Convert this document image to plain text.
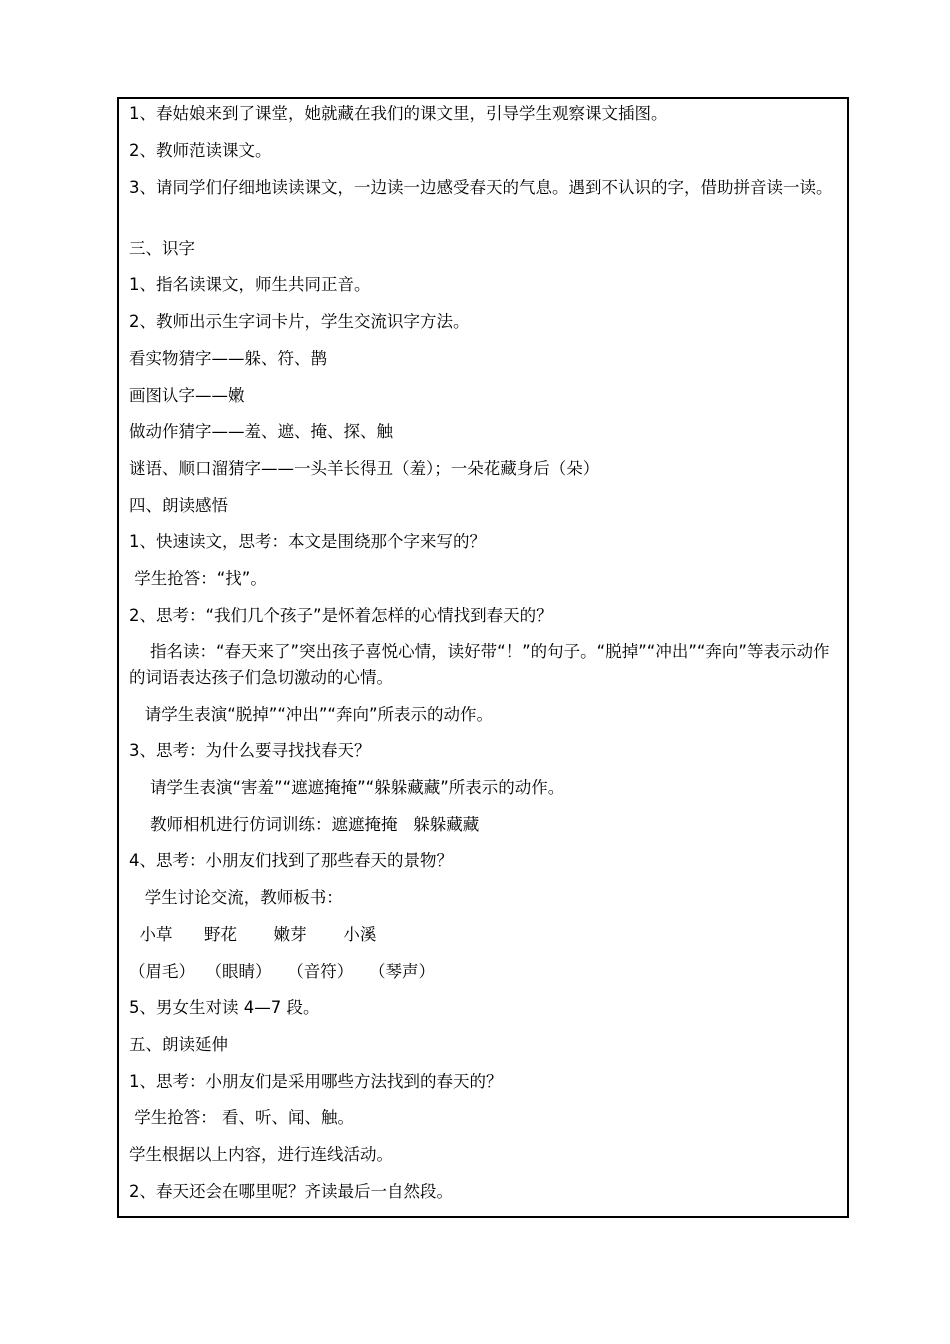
1、春姑娘来到了课堂，她就藏在我们的课文里，引导学生观察课文插图。
2、教师范读课文。
3、请同学们仔细地读读课文，一边读一边感受春天的气息。遇到不认识的字，借助拼音读一读。
三、识字
1、指名读课文，师生共同正音。
2、教师出示生字词卡片，学生交流识字方法。
看实物猜字——躲、符、鹊
画图认字——嫩
做动作猜字——羞、遮、掩、探、触
谜语、顺口溜猜字——一头羊长得丑（羞）；一朵花藏身后（朵）
四、朗读感悟
1、快速读文，思考：本文是围绕那个字来写的？
学生抢答：“找”。
2、思考：“我们几个孩子”是怀着怎样的心情找到春天的？
指名读：“春天来了”突出孩子喜悦心情，读好带“！”的句子。“脱掉”“冲出”“奔向”等表示动作的词语表达孩子们急切激动的心情。
请学生表演“脱掉”“冲出”“奔向”所表示的动作。
3、思考：为什么要寻找找春天？
请学生表演“害羞”“遮遮掩掩”“躲躲藏藏”所表示的动作。
教师相机进行仿词训练：遮遮掩掩   躲躲藏藏
4、思考：小朋友们找到了那些春天的景物？
学生讨论交流，教师板书：
小草      野花       嫩芽       小溪
（眉毛）  （眼睛）   （音符）   （琴声）
5、男女生对读 4—7 段。
五、朗读延伸
1、思考：小朋友们是采用哪些方法找到的春天的？
学生抢答： 看、听、闻、触。
学生根据以上内容，进行连线活动。
2、春天还会在哪里呢？齐读最后一自然段。
